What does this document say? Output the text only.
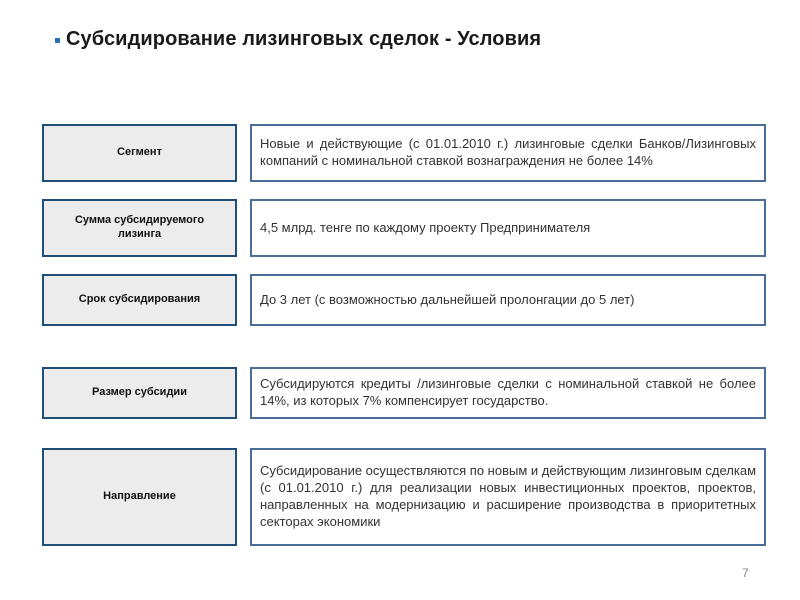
Субсидирование лизинговых сделок - Условия
Сегмент
Новые и действующие (с 01.01.2010 г.) лизинговые сделки Банков/Лизинговых компаний с номинальной ставкой вознаграждения не более 14%
Сумма субсидируемого лизинга	4,5 млрд. тенге по каждому проекту Предпринимателя
Срок субсидирования	До 3 лет (с возможностью дальнейшей пролонгации до 5 лет)
Размер субсидии
Субсидируются кредиты /лизинговые сделки с номинальной ставкой не более 14%, из которых 7% компенсирует государство.
Направление
Субсидирование осуществляются по новым и действующим лизинговым сделкам (с 01.01.2010 г.) для реализации новых инвестиционных проектов, проектов, направленных на модернизацию и расширение производства в приоритетных секторах экономики
7
